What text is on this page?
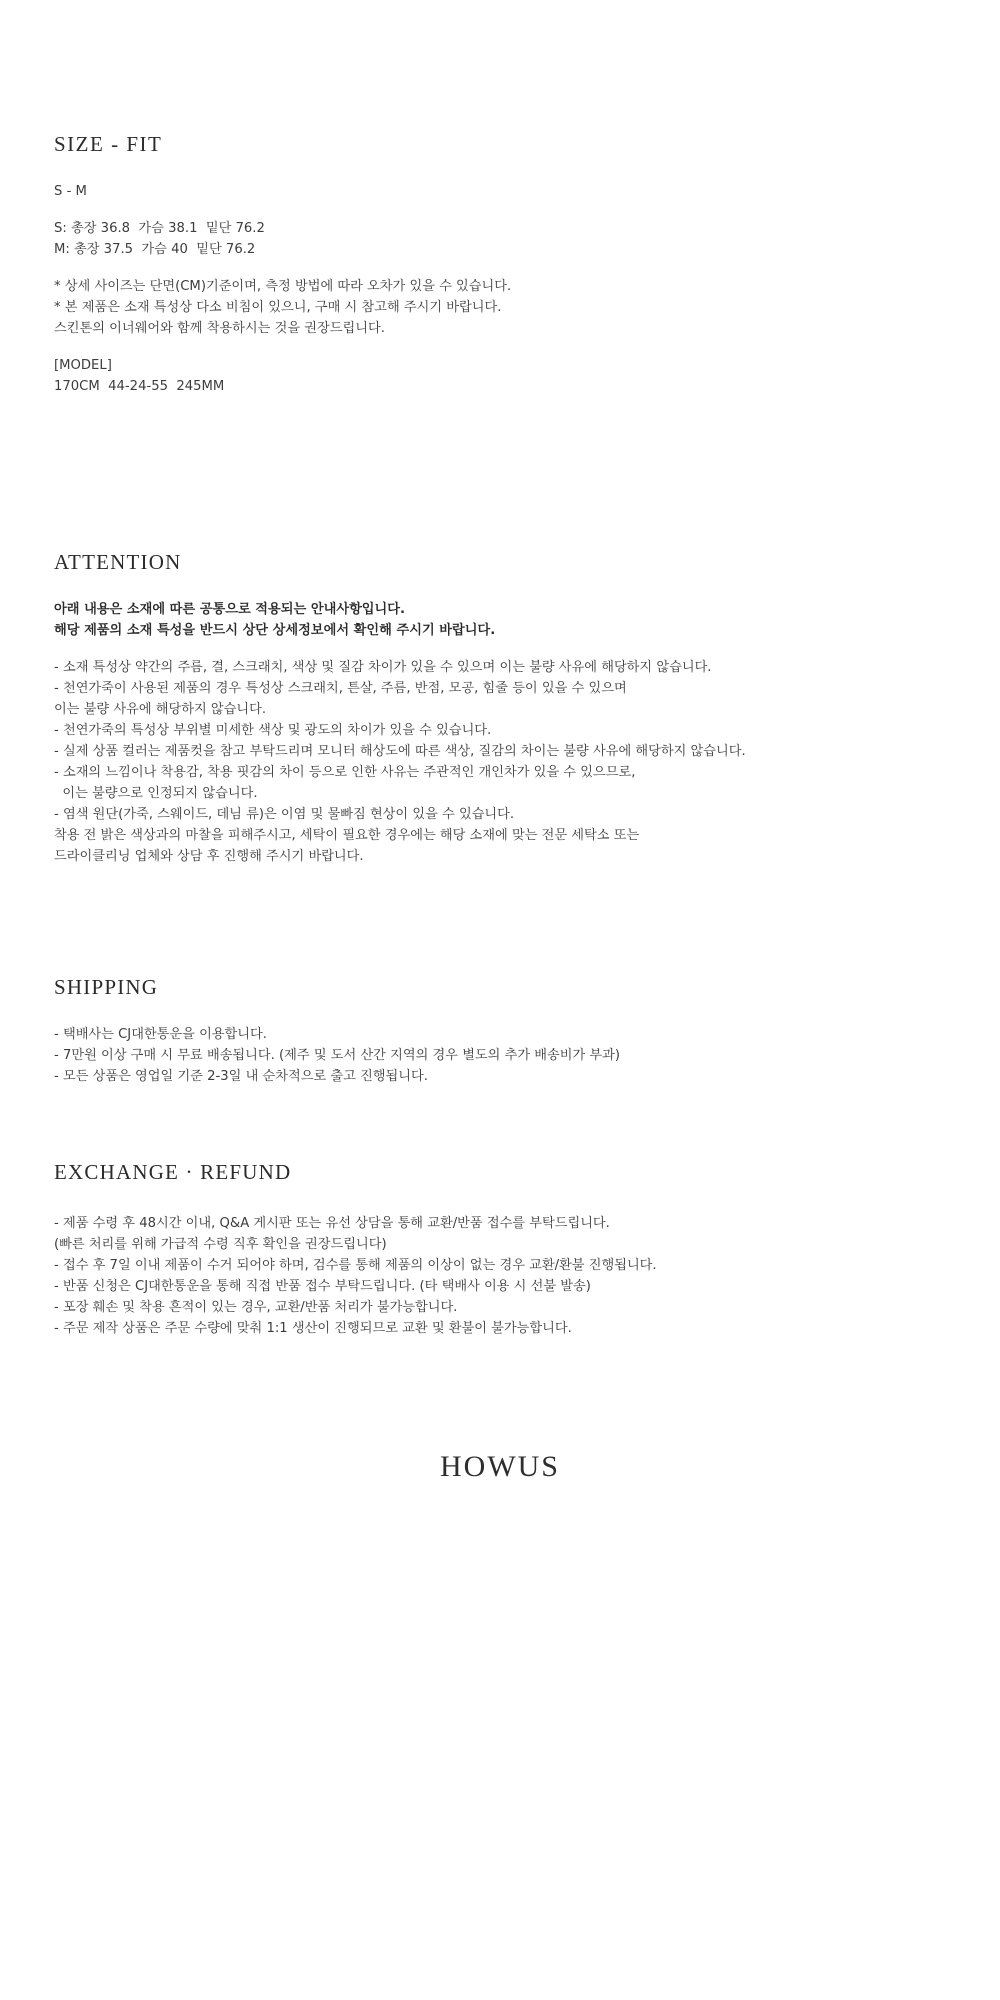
SIZE - FIT
S - M
S: 총장 36.8  가슴 38.1  밑단 76.2
M: 총장 37.5  가슴 40  밑단 76.2
* 상세 사이즈는 단면(CM)기준이며, 측정 방법에 따라 오차가 있을 수 있습니다.
* 본 제품은 소재 특성상 다소 비침이 있으니, 구매 시 참고해 주시기 바랍니다.
스킨톤의 이너웨어와 함께 착용하시는 것을 권장드립니다.
[MODEL]
170CM  44-24-55  245MM
ATTENTION
아래 내용은 소재에 따른 공통으로 적용되는 안내사항입니다.
해당 제품의 소재 특성을 반드시 상단 상세정보에서 확인해 주시기 바랍니다.
- 소재 특성상 약간의 주름, 결, 스크래치, 색상 및 질감 차이가 있을 수 있으며 이는 불량 사유에 해당하지 않습니다.
- 천연가죽이 사용된 제품의 경우 특성상 스크래치, 튼살, 주름, 반점, 모공, 힘줄 등이 있을 수 있으며
이는 불량 사유에 해당하지 않습니다.
- 천연가죽의 특성상 부위별 미세한 색상 및 광도의 차이가 있을 수 있습니다.
- 실제 상품 컬러는 제품컷을 참고 부탁드리며 모니터 해상도에 따른 색상, 질감의 차이는 불량 사유에 해당하지 않습니다.
- 소재의 느낌이나 착용감, 착용 핏감의 차이 등으로 인한 사유는 주관적인 개인차가 있을 수 있으므로,
이는 불량으로 인정되지 않습니다.
- 염색 원단(가죽, 스웨이드, 데님 류)은 이염 및 물빠짐 현상이 있을 수 있습니다.
착용 전 밝은 색상과의 마찰을 피해주시고, 세탁이 필요한 경우에는 해당 소재에 맞는 전문 세탁소 또는
드라이클리닝 업체와 상담 후 진행해 주시기 바랍니다.
SHIPPING
- 택배사는 CJ대한통운을 이용합니다.
- 7만원 이상 구매 시 무료 배송됩니다. (제주 및 도서 산간 지역의 경우 별도의 추가 배송비가 부과)
- 모든 상품은 영업일 기준 2-3일 내 순차적으로 출고 진행됩니다.
EXCHANGE · REFUND
- 제품 수령 후 48시간 이내, Q&A 게시판 또는 유선 상담을 통해 교환/반품 접수를 부탁드립니다.
(빠른 처리를 위해 가급적 수령 직후 확인을 권장드립니다)
- 접수 후 7일 이내 제품이 수거 되어야 하며, 검수를 통해 제품의 이상이 없는 경우 교환/환불 진행됩니다.
- 반품 신청은 CJ대한통운을 통해 직접 반품 접수 부탁드립니다. (타 택배사 이용 시 선불 발송)
- 포장 훼손 및 착용 흔적이 있는 경우, 교환/반품 처리가 불가능합니다.
- 주문 제작 상품은 주문 수량에 맞춰 1:1 생산이 진행되므로 교환 및 환불이 불가능합니다.
HOWUS
